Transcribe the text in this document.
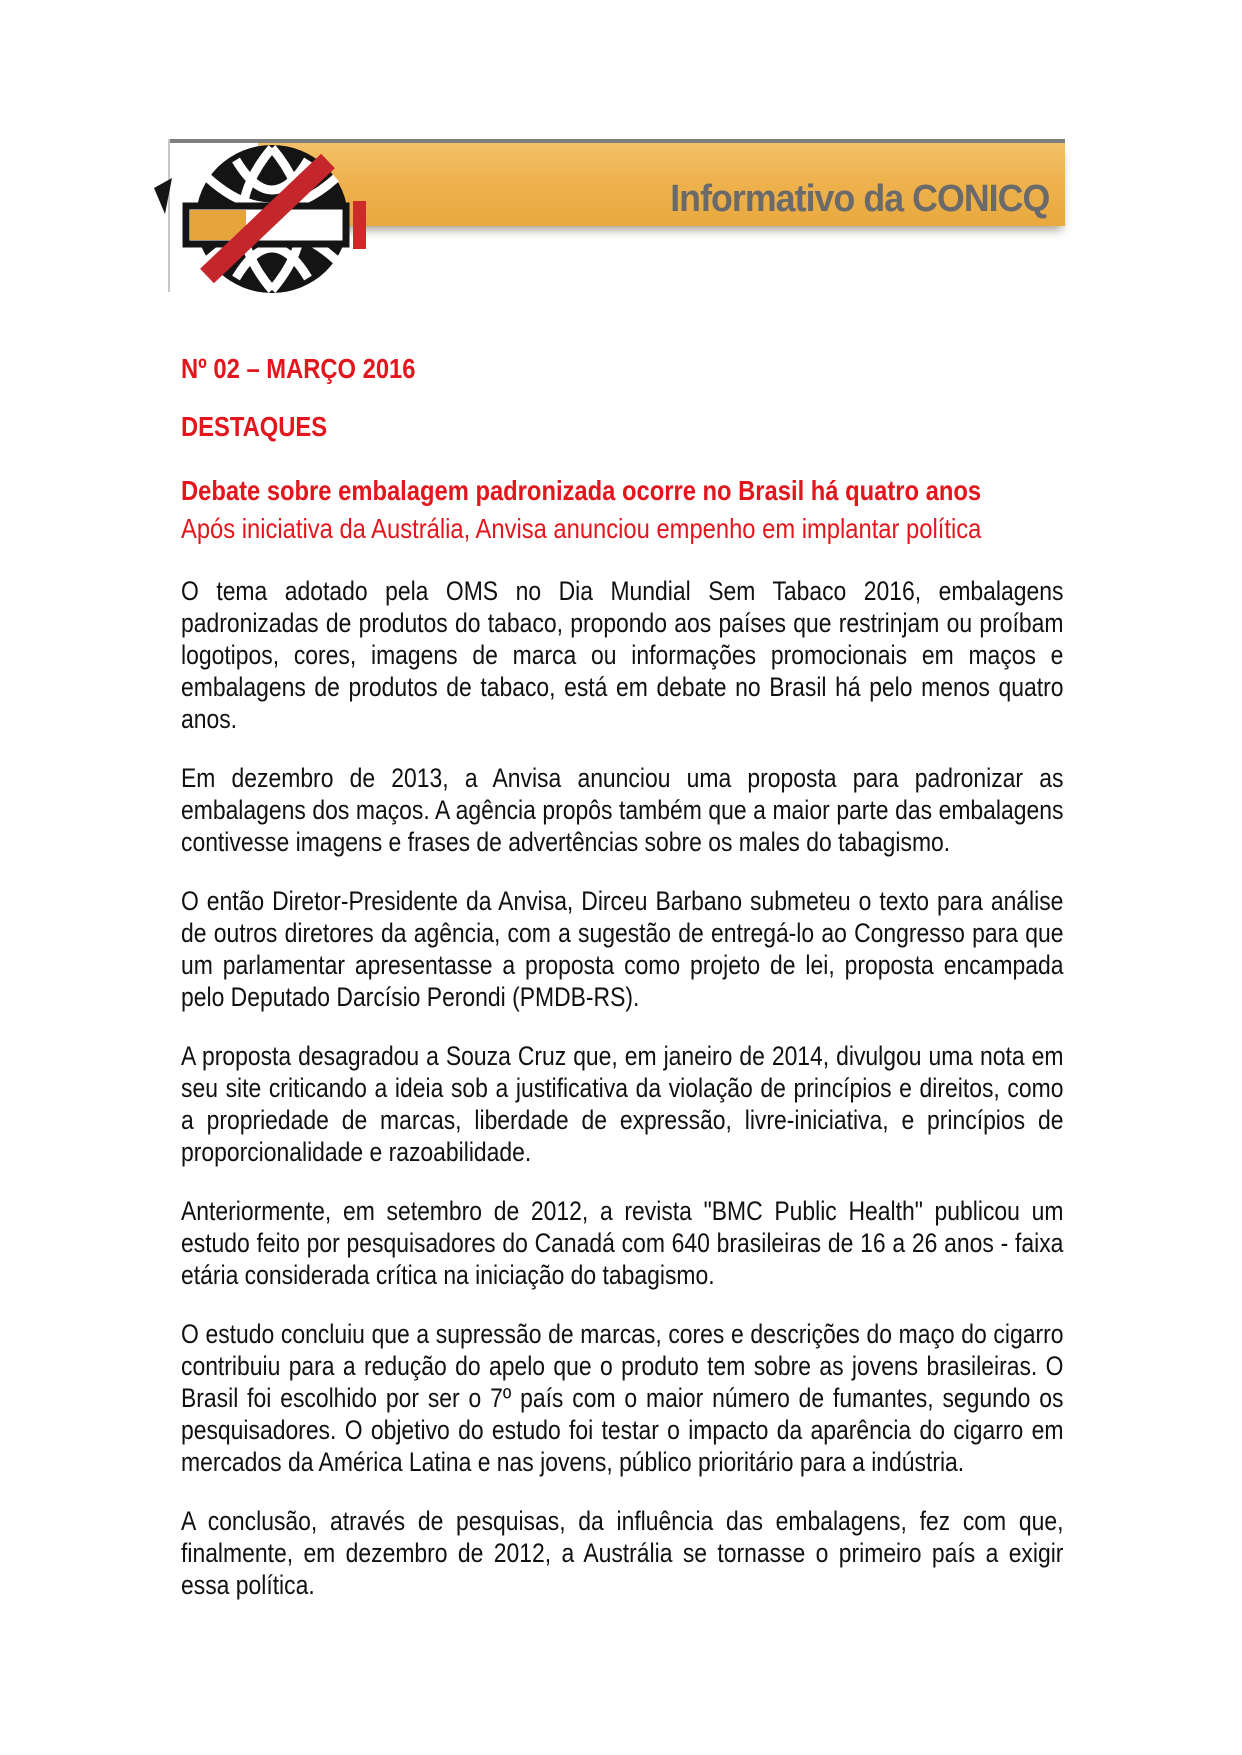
Informativo da CONICQ
Nº 02 – MARÇO 2016
DESTAQUES
Debate sobre embalagem padronizada ocorre no Brasil há quatro anos
Após iniciativa da Austrália, Anvisa anunciou empenho em implantar política

O tema adotado pela OMS no Dia Mundial Sem Tabaco 2016, embalagens padronizadas de produtos do tabaco, propondo aos países que restrinjam ou proíbam logotipos, cores, imagens de marca ou informações promocionais em maços e embalagens de produtos de tabaco, está em debate no Brasil há pelo menos quatro anos.

Em dezembro de 2013, a Anvisa anunciou uma proposta para padronizar as embalagens dos maços. A agência propôs também que a maior parte das embalagens contivesse imagens e frases de advertências sobre os males do tabagismo.

O então Diretor-Presidente da Anvisa, Dirceu Barbano submeteu o texto para análise de outros diretores da agência, com a sugestão de entregá-lo ao Congresso para que um parlamentar apresentasse a proposta como projeto de lei, proposta encampada pelo Deputado Darcísio Perondi (PMDB-RS).

A proposta desagradou a Souza Cruz que, em janeiro de 2014, divulgou uma nota em seu site criticando a ideia sob a justificativa da violação de princípios e direitos, como a propriedade de marcas, liberdade de expressão, livre-iniciativa, e princípios de proporcionalidade e razoabilidade.

Anteriormente, em setembro de 2012, a revista "BMC Public Health" publicou um estudo feito por pesquisadores do Canadá com 640 brasileiras de 16 a 26 anos - faixa etária considerada crítica na iniciação do tabagismo.

O estudo concluiu que a supressão de marcas, cores e descrições do maço do cigarro contribuiu para a redução do apelo que o produto tem sobre as jovens brasileiras. O Brasil foi escolhido por ser o 7º país com o maior número de fumantes, segundo os pesquisadores. O objetivo do estudo foi testar o impacto da aparência do cigarro em mercados da América Latina e nas jovens, público prioritário para a indústria.

A conclusão, através de pesquisas, da influência das embalagens, fez com que, finalmente, em dezembro de 2012, a Austrália se tornasse o primeiro país a exigir essa política.
